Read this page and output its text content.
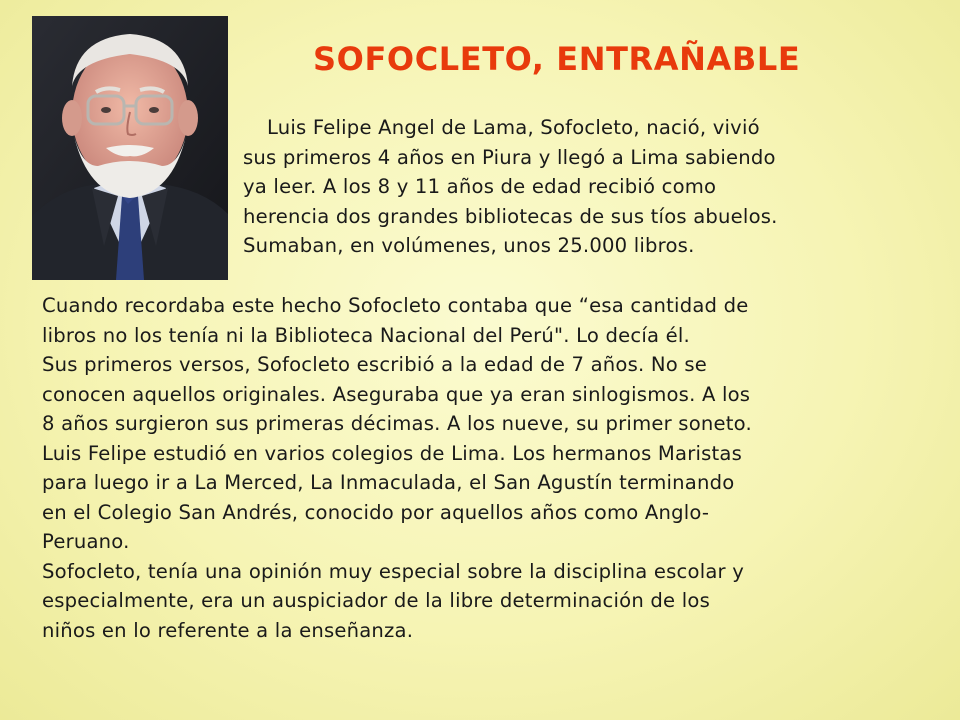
SOFOCLETO, ENTRAÑABLE

Luis Felipe Angel de Lama, Sofocleto, nació, vivió
sus primeros 4 años en Piura y llegó a Lima sabiendo
ya leer. A los 8 y 11 años de edad recibió como
herencia dos grandes bibliotecas de sus tíos abuelos.
Sumaban, en volúmenes, unos 25.000 libros.

Cuando recordaba este hecho Sofocleto contaba que “esa cantidad de
libros no los tenía ni la Biblioteca Nacional del Perú". Lo decía él.
Sus primeros versos, Sofocleto escribió a la edad de 7 años. No se
conocen aquellos originales. Aseguraba que ya eran sinlogismos. A los
8 años surgieron sus primeras décimas. A los nueve, su primer soneto.
Luis Felipe estudió en varios colegios de Lima. Los hermanos Maristas
para luego ir a La Merced, La Inmaculada, el San Agustín terminando
en el Colegio San Andrés, conocido por aquellos años como Anglo-
Peruano.
Sofocleto, tenía una opinión muy especial sobre la disciplina escolar y
especialmente, era un auspiciador de la libre determinación de los
niños en lo referente a la enseñanza.
